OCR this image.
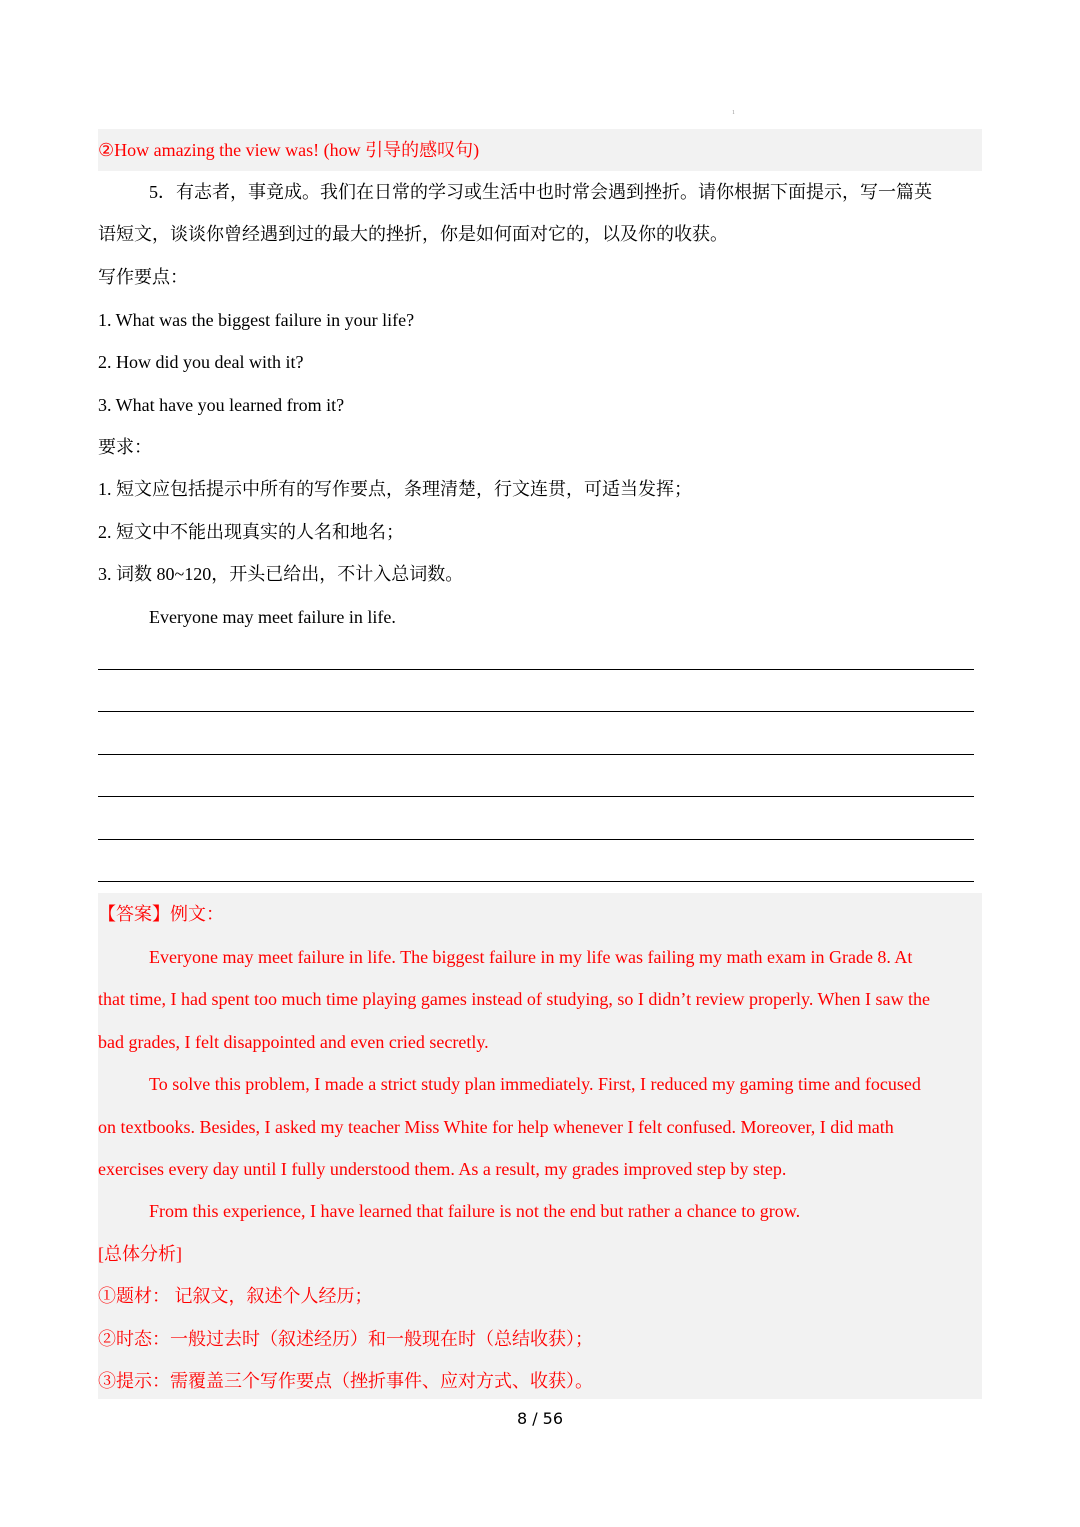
1
②How amazing the view was! (how 引导的感叹句)
5．有志者，事竟成。我们在日常的学习或生活中也时常会遇到挫折。请你根据下面提示，写一篇英
语短文，谈谈你曾经遇到过的最大的挫折，你是如何面对它的，以及你的收获。
写作要点：
1. What was the biggest failure in your life?
2. How did you deal with it?
3. What have you learned from it?
要求：
1. 短文应包括提示中所有的写作要点，条理清楚，行文连贯，可适当发挥；
2. 短文中不能出现真实的人名和地名；
3. 词数 80~120，开头已给出，不计入总词数。
Everyone may meet failure in life.
【答案】例文：
Everyone may meet failure in life. The biggest failure in my life was failing my math exam in Grade 8. At
that time, I had spent too much time playing games instead of studying, so I didn’t review properly. When I saw the
bad grades, I felt disappointed and even cried secretly.
To solve this problem, I made a strict study plan immediately. First, I reduced my gaming time and focused
on textbooks. Besides, I asked my teacher Miss White for help whenever I felt confused. Moreover, I did math
exercises every day until I fully understood them. As a result, my grades improved step by step.
From this experience, I have learned that failure is not the end but rather a chance to grow.
[总体分析]
①题材： 记叙文，叙述个人经历；
②时态：一般过去时（叙述经历）和一般现在时（总结收获）；
③提示：需覆盖三个写作要点（挫折事件、应对方式、收获）。
8 / 56
